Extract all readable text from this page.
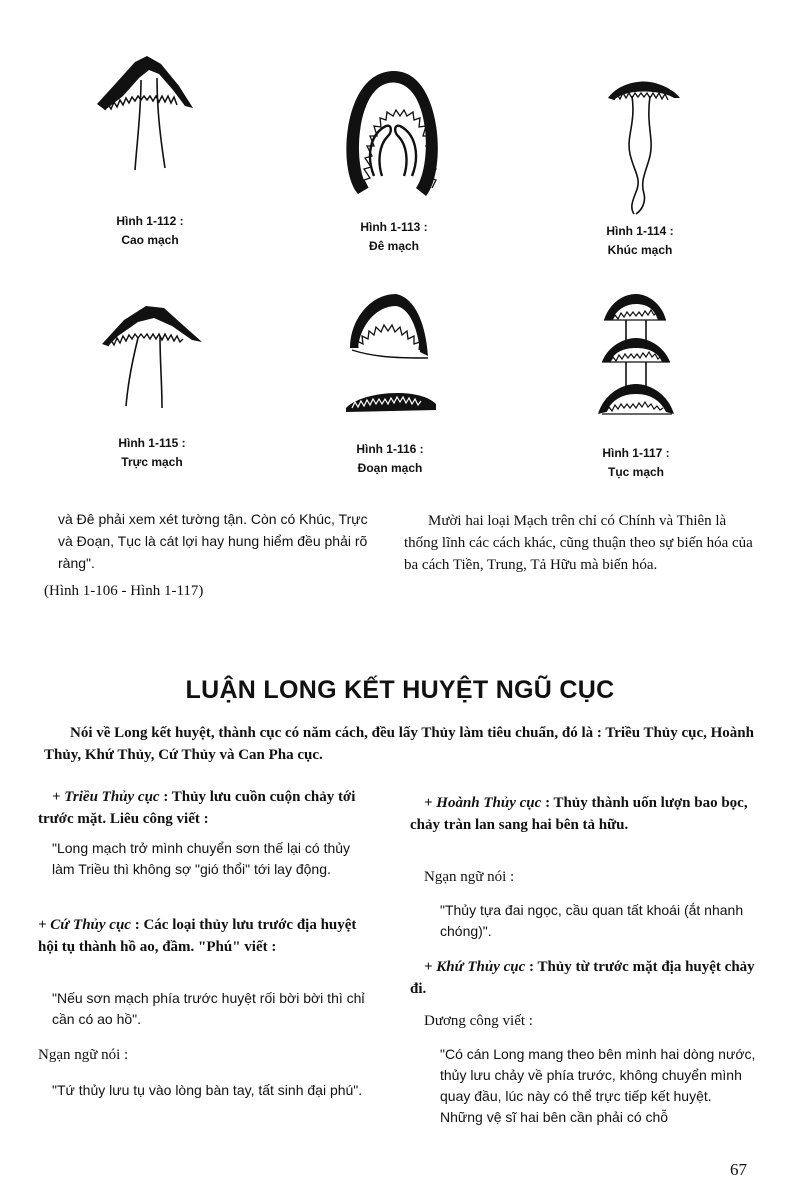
Hình 1-112 :
Cao mạch
Hình 1-113 :
Đê mạch
Hình 1-114 :
Khúc mạch
Hình 1-115 :
Trực mạch
Hình 1-116 :
Đoạn mạch
Hình 1-117 :
Tục mạch

và Đê phải xem xét tường tận. Còn có Khúc, Trực và Đoạn, Tục là cát lợi hay hung hiểm đều phải rõ ràng".

(Hình 1-106 - Hình 1-117)

Mười hai loại Mạch trên chỉ có Chính và Thiên là thống lĩnh các cách khác, cũng thuận theo sự biến hóa của ba cách Tiền, Trung, Tả Hữu mà biến hóa.

LUẬN LONG KẾT HUYỆT NGŨ CỤC

Nói về Long kết huyệt, thành cục có năm cách, đều lấy Thủy làm tiêu chuẩn, đó là : Triều Thủy cục, Hoành Thủy, Khứ Thủy, Cứ Thủy và Can Pha cục.

+ Triều Thủy cục : Thủy lưu cuồn cuộn chảy tới trước mặt. Liêu công viết :

"Long mạch trở mình chuyển sơn thế lại có thủy làm Triều thì không sợ "gió thổi" tới lay động.

+ Cứ Thủy cục : Các loại thủy lưu trước địa huyệt hội tụ thành hồ ao, đầm. "Phú" viết :

"Nếu sơn mạch phía trước huyệt rối bời bời thì chỉ cần có ao hồ".

Ngạn ngữ nói :

"Tứ thủy lưu tụ vào lòng bàn tay, tất sinh đại phú".

+ Hoành Thủy cục : Thủy thành uốn lượn bao bọc, chảy tràn lan sang hai bên tả hữu.

Ngạn ngữ nói :

"Thủy tựa đai ngọc, cầu quan tất khoái (ắt nhanh chóng)".

+ Khứ Thủy cục : Thủy từ trước mặt địa huyệt chảy đi.

Dương công viết :

"Có cán Long mang theo bên mình hai dòng nước, thủy lưu chảy về phía trước, không chuyển mình quay đầu, lúc này có thể trực tiếp kết huyệt. Những vệ sĩ hai bên cần phải có chỗ

67
